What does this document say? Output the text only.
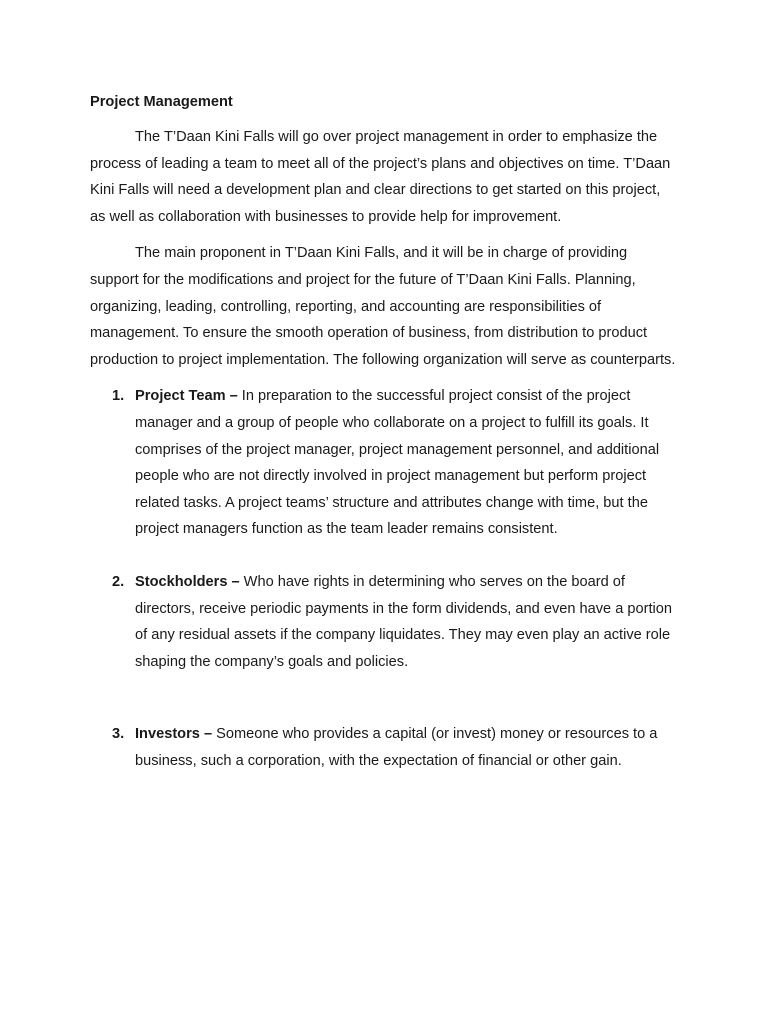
Project Management

The T’Daan Kini Falls will go over project management in order to emphasize the process of leading a team to meet all of the project’s plans and objectives on time. T’Daan Kini Falls will need a development plan and clear directions to get started on this project, as well as collaboration with businesses to provide help for improvement.

The main proponent in T’Daan Kini Falls, and it will be in charge of providing support for the modifications and project for the future of T’Daan Kini Falls. Planning, organizing, leading, controlling, reporting, and accounting are responsibilities of management. To ensure the smooth operation of business, from distribution to product production to project implementation. The following organization will serve as counterparts.

1. Project Team – In preparation to the successful project consist of the project manager and a group of people who collaborate on a project to fulfill its goals. It comprises of the project manager, project management personnel, and additional people who are not directly involved in project management but perform project related tasks. A project teams’ structure and attributes change with time, but the project managers function as the team leader remains consistent.
2. Stockholders – Who have rights in determining who serves on the board of directors, receive periodic payments in the form dividends, and even have a portion of any residual assets if the company liquidates. They may even play an active role shaping the company’s goals and policies.
3. Investors – Someone who provides a capital (or invest) money or resources to a business, such a corporation, with the expectation of financial or other gain.
